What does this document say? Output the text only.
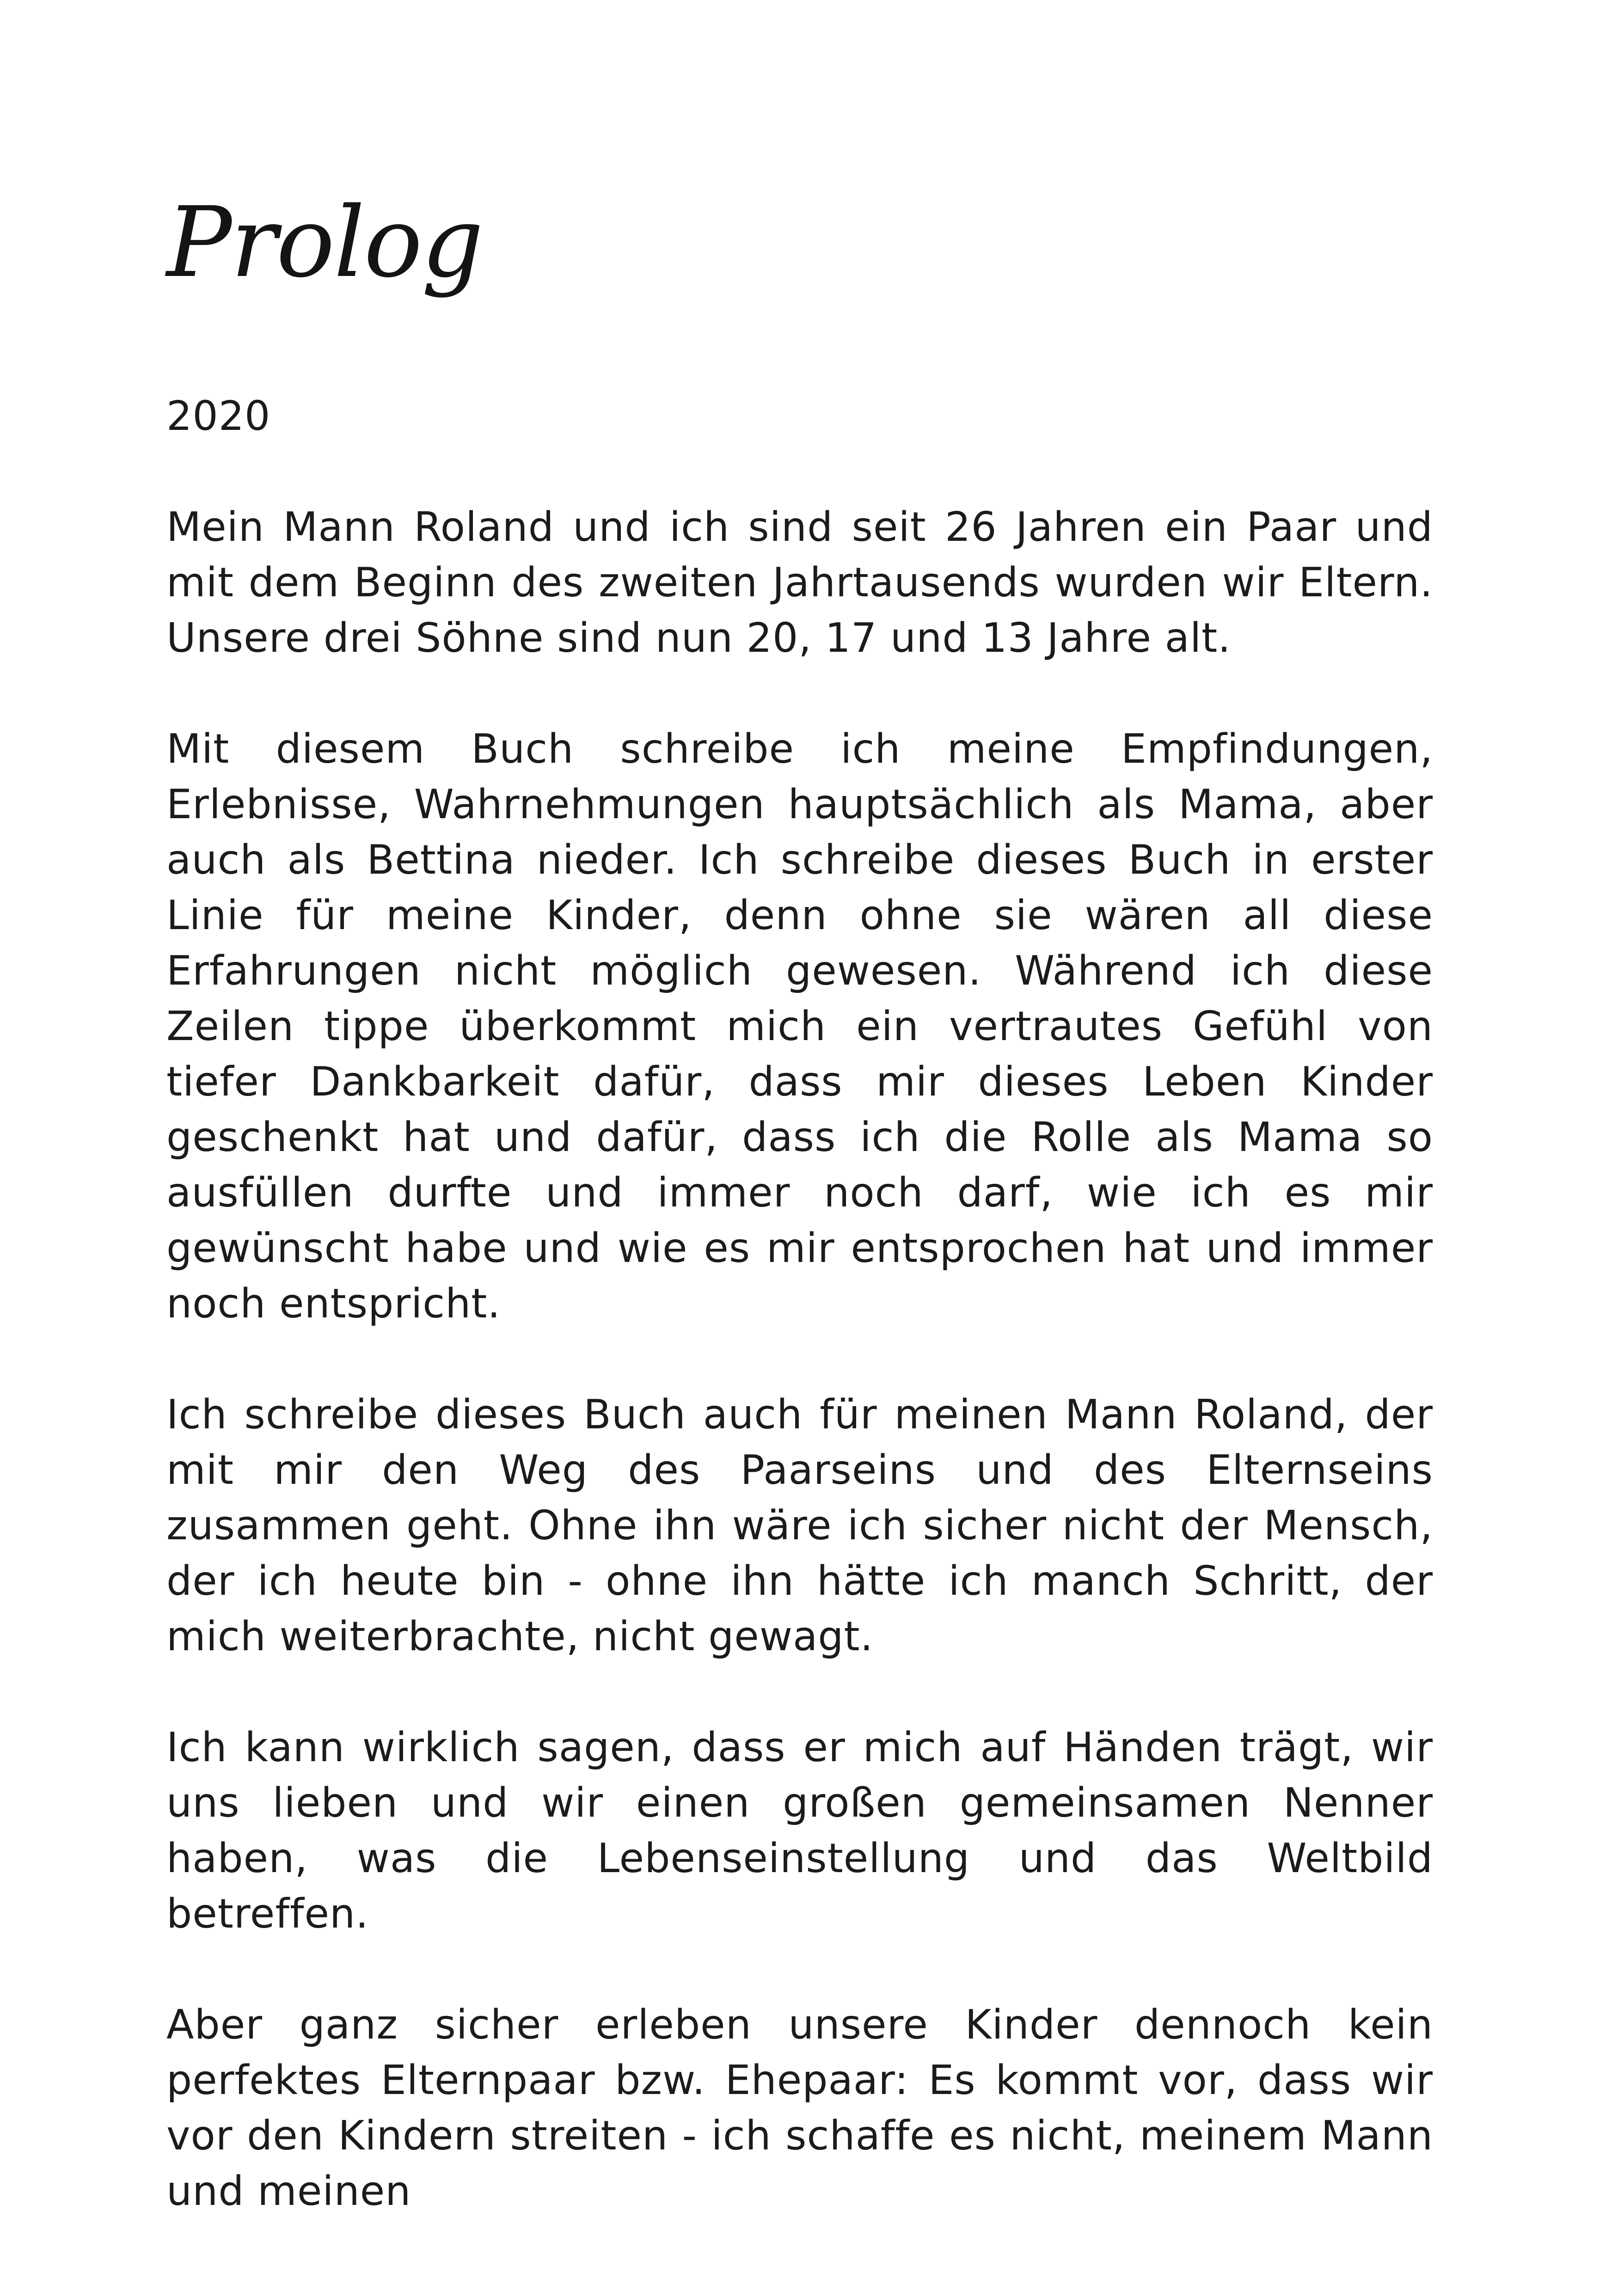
Prolog

2020

Mein Mann Roland und ich sind seit 26 Jahren ein Paar und mit dem Beginn des zweiten Jahrtausends wurden wir Eltern. Unsere drei Söhne sind nun 20, 17 und 13 Jahre alt.

Mit diesem Buch schreibe ich meine Empfindungen, Erlebnisse, Wahrnehmungen hauptsächlich als Mama, aber auch als Bettina nieder. Ich schreibe dieses Buch in erster Linie für meine Kinder, denn ohne sie wären all diese Erfahrungen nicht möglich gewesen. Während ich diese Zeilen tippe überkommt mich ein vertrautes Gefühl von tiefer Dankbarkeit dafür, dass mir dieses Leben Kinder geschenkt hat und dafür, dass ich die Rolle als Mama so ausfüllen durfte und immer noch darf, wie ich es mir gewünscht habe und wie es mir entsprochen hat und immer noch entspricht.

Ich schreibe dieses Buch auch für meinen Mann Roland, der mit mir den Weg des Paarseins und des Elternseins zusammen geht. Ohne ihn wäre ich sicher nicht der Mensch, der ich heute bin - ohne ihn hätte ich manch Schritt, der mich weiterbrachte, nicht gewagt.

Ich kann wirklich sagen, dass er mich auf Händen trägt, wir uns lieben und wir einen großen gemeinsamen Nenner haben, was die Lebenseinstellung und das Weltbild betreffen.

Aber ganz sicher erleben unsere Kinder dennoch kein perfektes Elternpaar bzw. Ehepaar: Es kommt vor, dass wir vor den Kindern streiten - ich schaffe es nicht, meinem Mann und meinen
